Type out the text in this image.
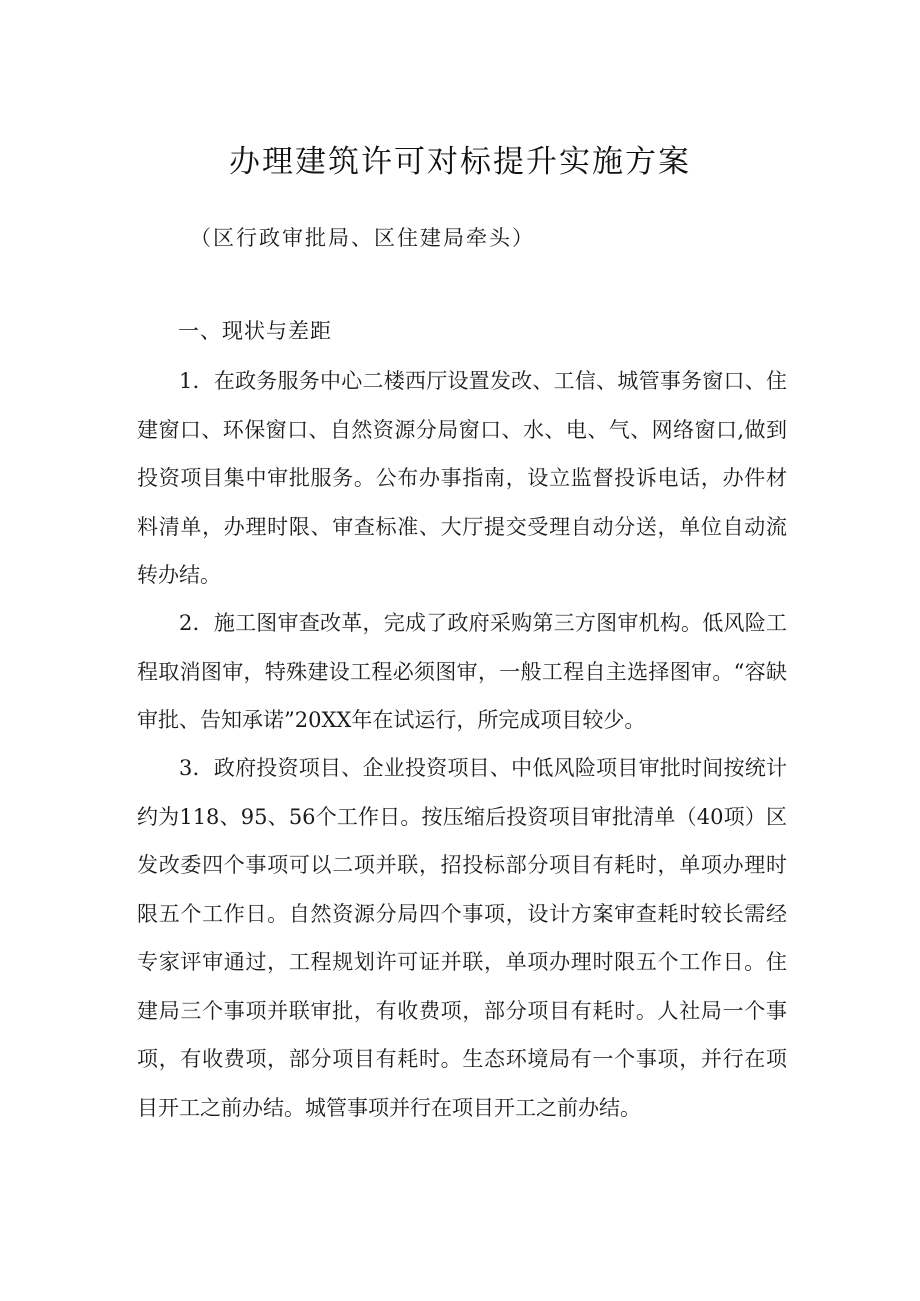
办理建筑许可对标提升实施方案
（区行政审批局、区住建局牵头）
一、现状与差距

1．在政务服务中心二楼西厅设置发改、工信、城管事务窗口、住建窗口、环保窗口、自然资源分局窗口、水、电、气、网络窗口,做到投资项目集中审批服务。公布办事指南，设立监督投诉电话，办件材料清单，办理时限、审查标准、大厅提交受理自动分送，单位自动流转办结。

2．施工图审查改革，完成了政府采购第三方图审机构。低风险工程取消图审，特殊建设工程必须图审，一般工程自主选择图审。“容缺审批、告知承诺”20XX年在试运行，所完成项目较少。

3．政府投资项目、企业投资项目、中低风险项目审批时间按统计约为118、95、56个工作日。按压缩后投资项目审批清单（40项）区发改委四个事项可以二项并联，招投标部分项目有耗时，单项办理时限五个工作日。自然资源分局四个事项，设计方案审查耗时较长需经专家评审通过，工程规划许可证并联，单项办理时限五个工作日。住建局三个事项并联审批，有收费项，部分项目有耗时。人社局一个事项，有收费项，部分项目有耗时。生态环境局有一个事项，并行在项目开工之前办结。城管事项并行在项目开工之前办结。
